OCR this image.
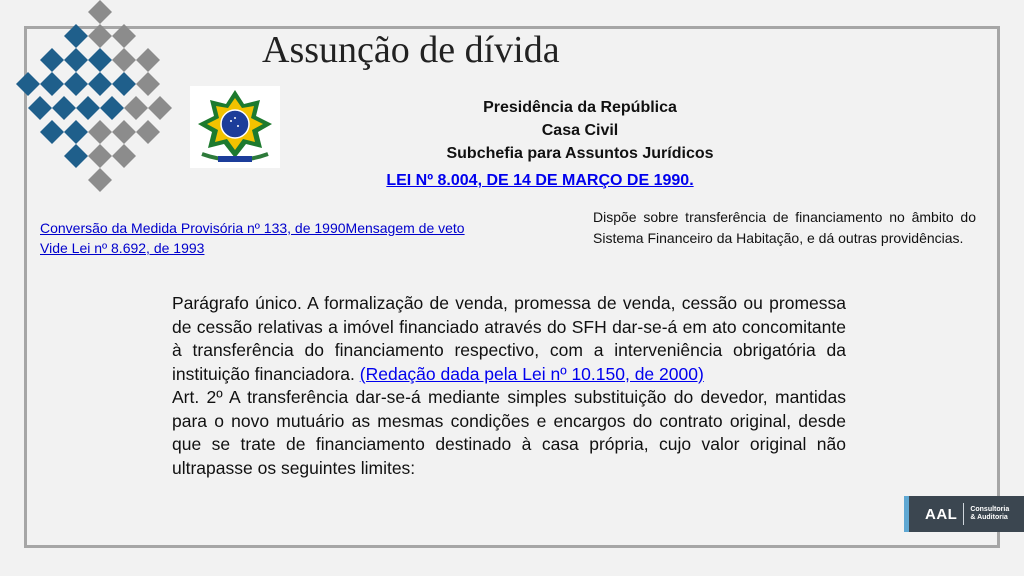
Assunção de dívida
Presidência da República
Casa Civil
Subchefia para Assuntos Jurídicos
LEI Nº 8.004, DE 14 DE MARÇO DE 1990.
Conversão da Medida Provisória nº 133, de 1990Mensagem de veto
Vide Lei nº 8.692, de 1993
Dispõe sobre transferência de financiamento no âmbito do Sistema Financeiro da Habitação, e dá outras providências.

Parágrafo único. A formalização de venda, promessa de venda, cessão ou promessa de cessão relativas a imóvel financiado através do SFH dar-se-á em ato concomitante à transferência do financiamento respectivo, com a interveniência obrigatória da instituição financiadora. (Redação dada pela Lei nº 10.150, de 2000)

Art. 2º A transferência dar-se-á mediante simples substituição do devedor, mantidas para o novo mutuário as mesmas condições e encargos do contrato original, desde que se trate de financiamento destinado à casa própria, cujo valor original não ultrapasse os seguintes limites:

AAL Consultoria
& Auditoria
